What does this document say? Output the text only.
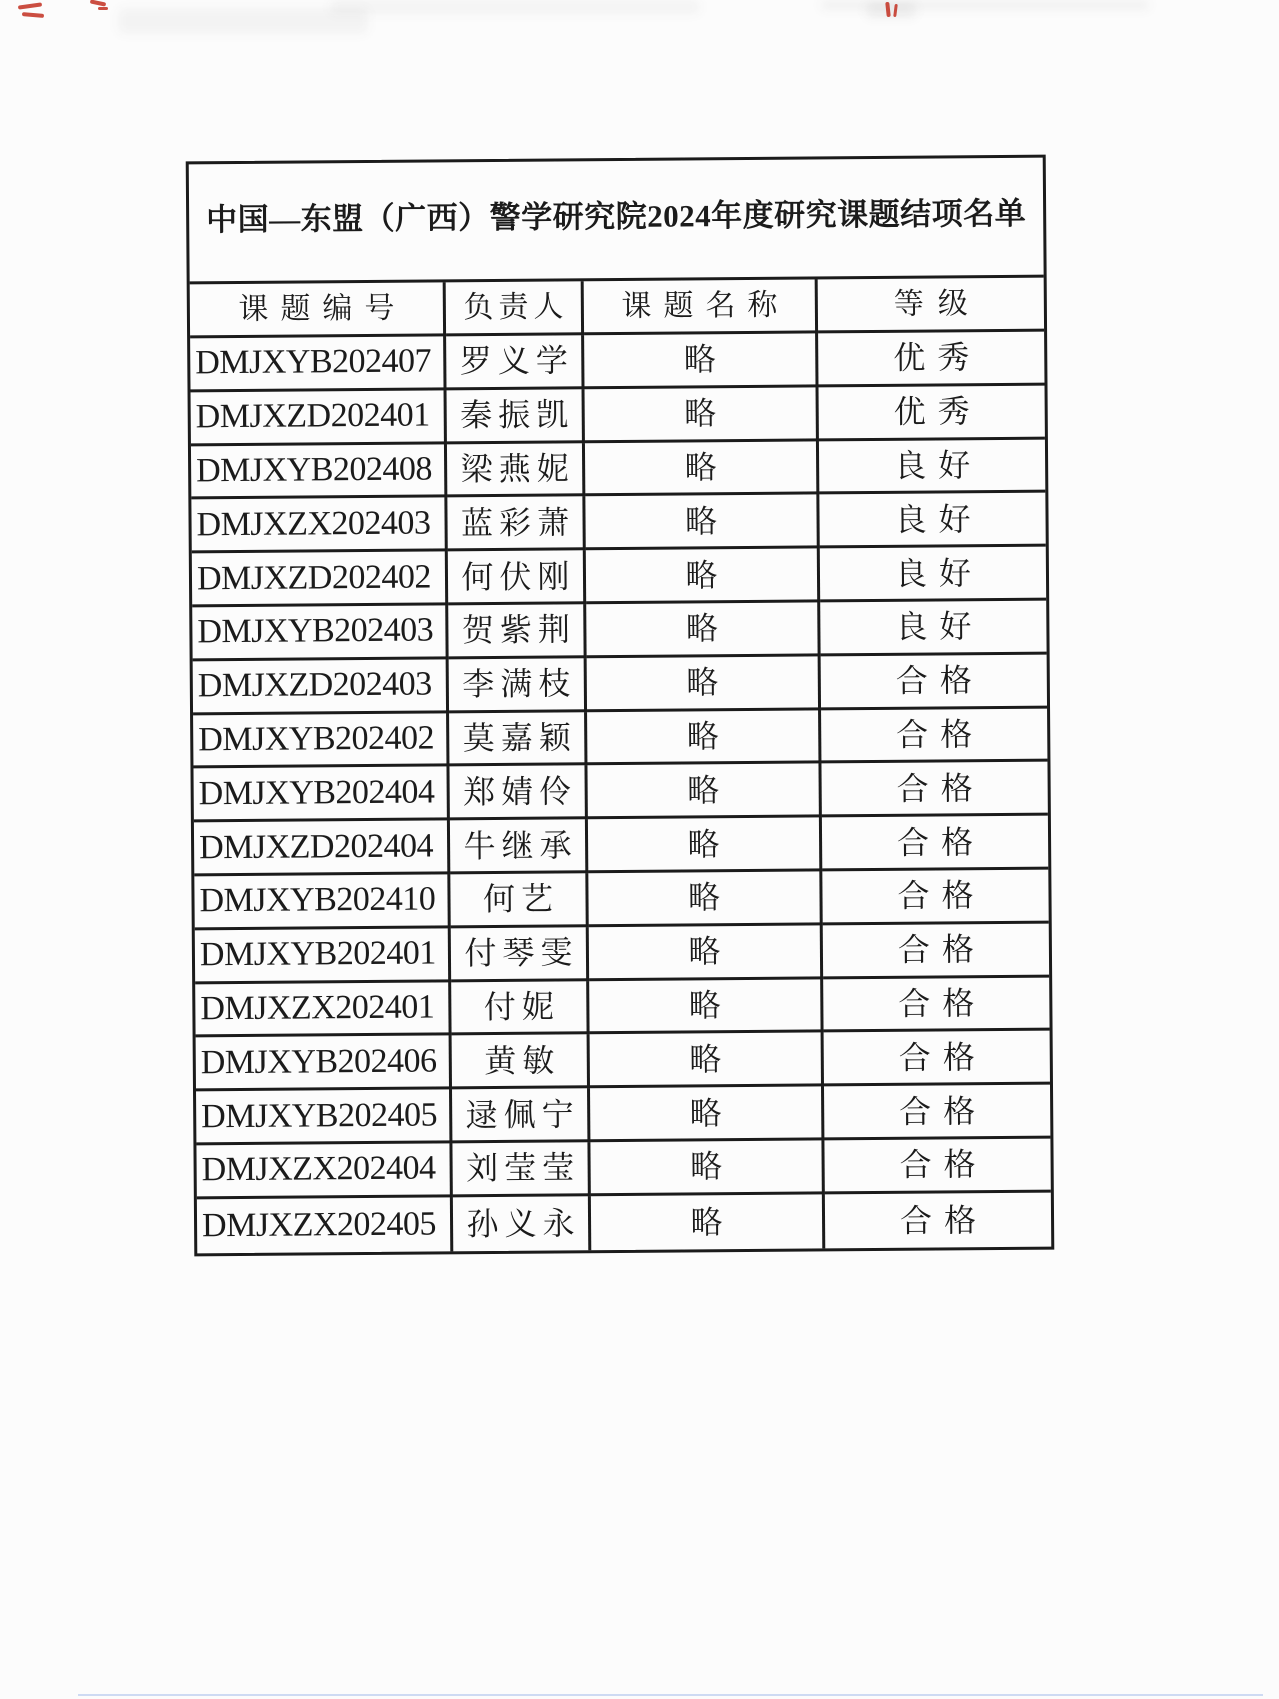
中国—东盟（广西）警学研究院2024年度研究课题结项名单
课题编号	负责人	课题名称	等级
DMJXYB202407 罗义学	略	优秀
DMJXZD202401 秦振凯	略	优秀
DMJXYB202408 梁燕妮	略	良好
DMJXZX202403 蓝彩萧	略	良好
DMJXZD202402 何伏刚	略	良好
DMJXYB202403 贺紫荆	略	良好
DMJXZD202403 李满枝	略	合格
DMJXYB202402 莫嘉颖	略	合格
DMJXYB202404 郑婧伶	略	合格
DMJXZD202404 牛继承	略	合格
DMJXYB202410	何艺	略	合格
DMJXYB202401 付琴雯	略	合格
DMJXZX202401	付妮	略	合格
DMJXYB202406	黄敏	略	合格
DMJXYB202405 逯佩宁	略	合格
DMJXZX202404 刘莹莹	略	合格
DMJXZX202405 孙义永	略	合格
